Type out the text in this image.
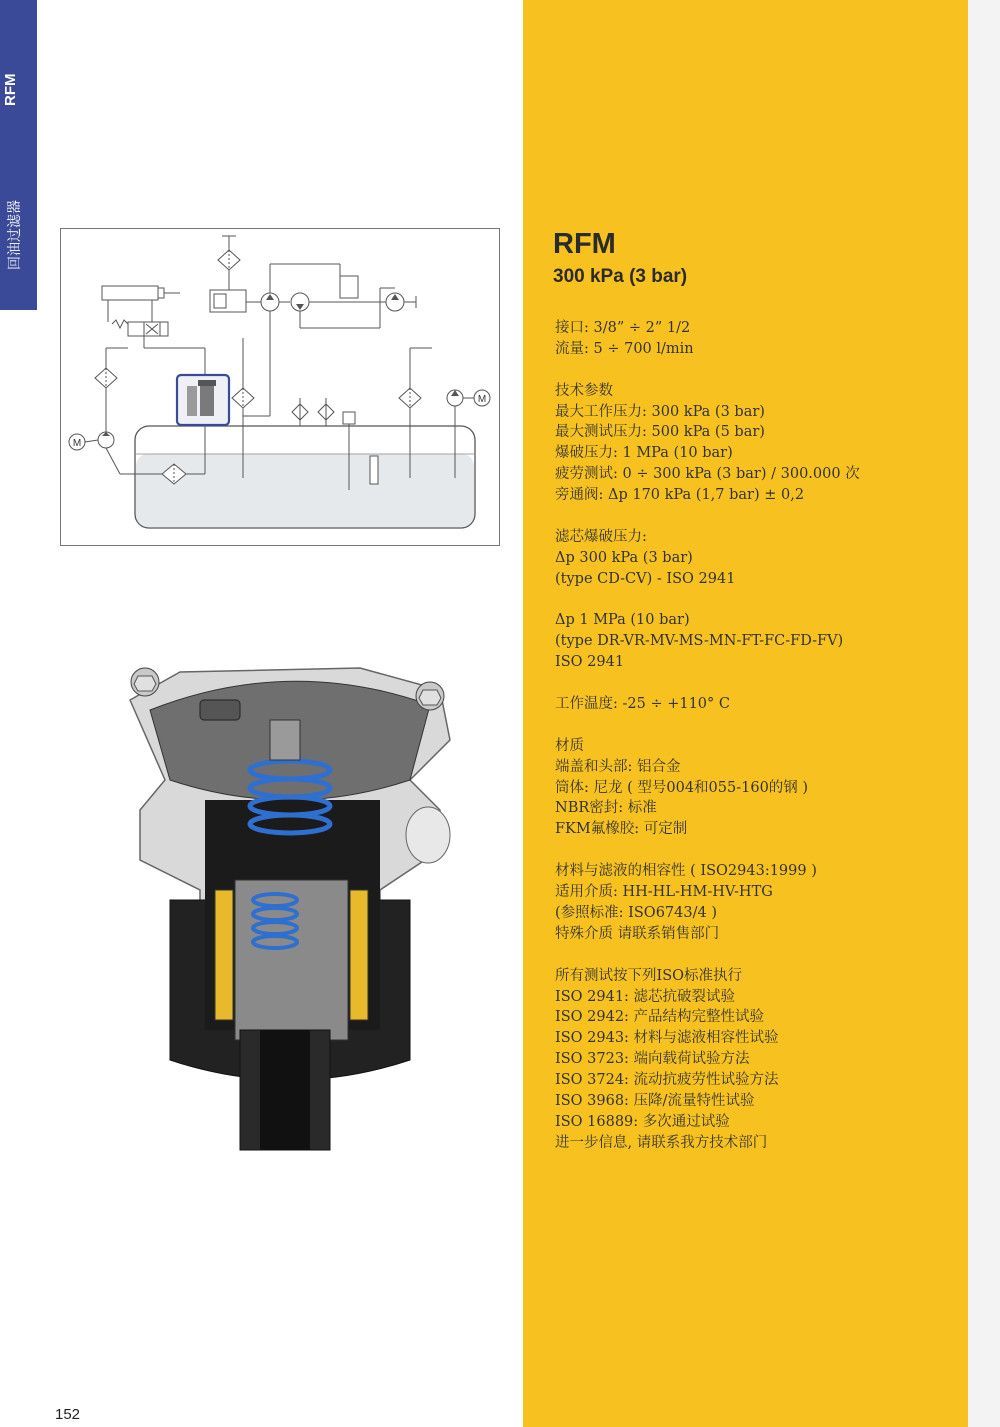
RFM
回油过滤器	RFM
300 kPa (3 bar)
接口: 3/8” ÷ 2” 1/2
流量: 5 ÷ 700 l/min
技术参数
最大工作压力: 300 kPa (3 bar)
最大测试压力: 500 kPa (5 bar)
爆破压力: 1 MPa (10 bar)
疲劳测试: 0 ÷ 300 kPa (3 bar) / 300.000 次
旁通阀: Δp 170 kPa (1,7 bar) ± 0,2
滤芯爆破压力:
Δp 300 kPa (3 bar)
(type CD-CV) - ISO 2941
Δp 1 MPa (10 bar)
(type DR-VR-MV-MS-MN-FT-FC-FD-FV)
ISO 2941
工作温度: -25 ÷ +110° C
材质
端盖和头部: 铝合金
筒体: 尼龙 ( 型号004和055-160的钢 )
NBR密封: 标准
FKM氟橡胶: 可定制
材料与滤液的相容性 ( ISO2943:1999 )
适用介质: HH-HL-HM-HV-HTG
(参照标准: ISO6743/4 )
特殊介质 请联系销售部门
所有测试按下列ISO标准执行
ISO 2941: 滤芯抗破裂试验
ISO 2942: 产品结构完整性试验
ISO 2943: 材料与滤液相容性试验
ISO 3723: 端向载荷试验方法
ISO 3724: 流动抗疲劳性试验方法
ISO 3968: 压降/流量特性试验
ISO 16889: 多次通过试验
进一步信息, 请联系我方技术部门
M
M
152
